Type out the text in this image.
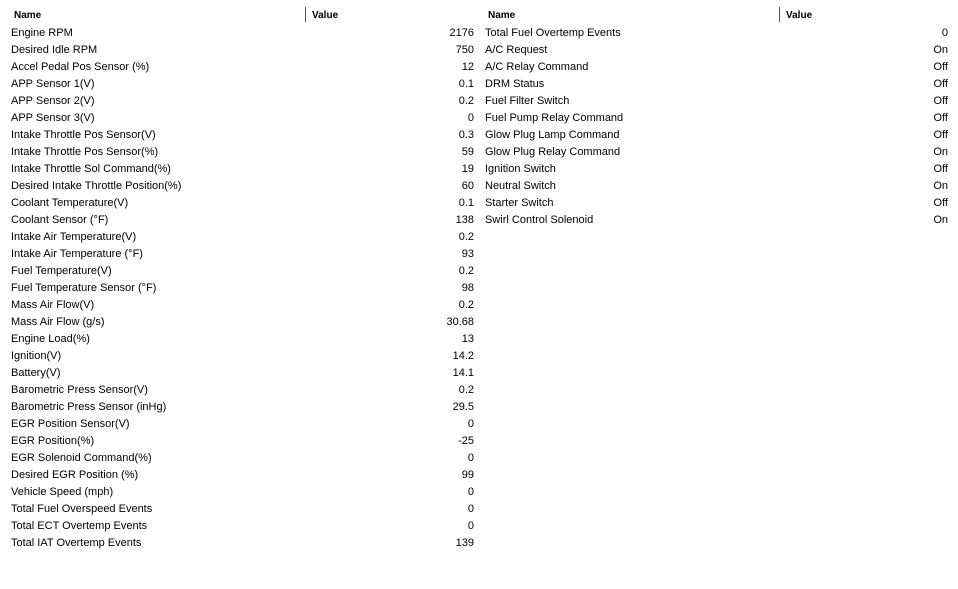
Name	Value
Engine RPM	2176
Desired Idle RPM	750
Accel Pedal Pos Sensor (%)	12
APP Sensor 1(V)	0.1
APP Sensor 2(V)	0.2
APP Sensor 3(V)	0
Intake Throttle Pos Sensor(V)	0.3
Intake Throttle Pos Sensor(%)	59
Intake Throttle Sol Command(%)	19
Desired Intake Throttle Position(%)	60
Coolant Temperature(V)	0.1
Coolant Sensor (°F)	138
Intake Air Temperature(V)	0.2
Intake Air Temperature (°F)	93
Fuel Temperature(V)	0.2
Fuel Temperature Sensor (°F)	98
Mass Air Flow(V)	0.2
Mass Air Flow (g/s)	30.68
Engine Load(%)	13
Ignition(V)	14.2
Battery(V)	14.1
Barometric Press Sensor(V)	0.2
Barometric Press Sensor (inHg)	29.5
EGR Position Sensor(V)	0
EGR Position(%)	-25
EGR Solenoid Command(%)	0
Desired EGR Position (%)	99
Vehicle Speed (mph)	0
Total Fuel Overspeed Events	0
Total ECT Overtemp Events	0
Total IAT Overtemp Events	139
Name	Value
Total Fuel Overtemp Events	0
A/C Request	On
A/C Relay Command	Off
DRM Status	Off
Fuel Filter Switch	Off
Fuel Pump Relay Command	Off
Glow Plug Lamp Command	Off
Glow Plug Relay Command	On
Ignition Switch	Off
Neutral Switch	On
Starter Switch	Off
Swirl Control Solenoid	On
